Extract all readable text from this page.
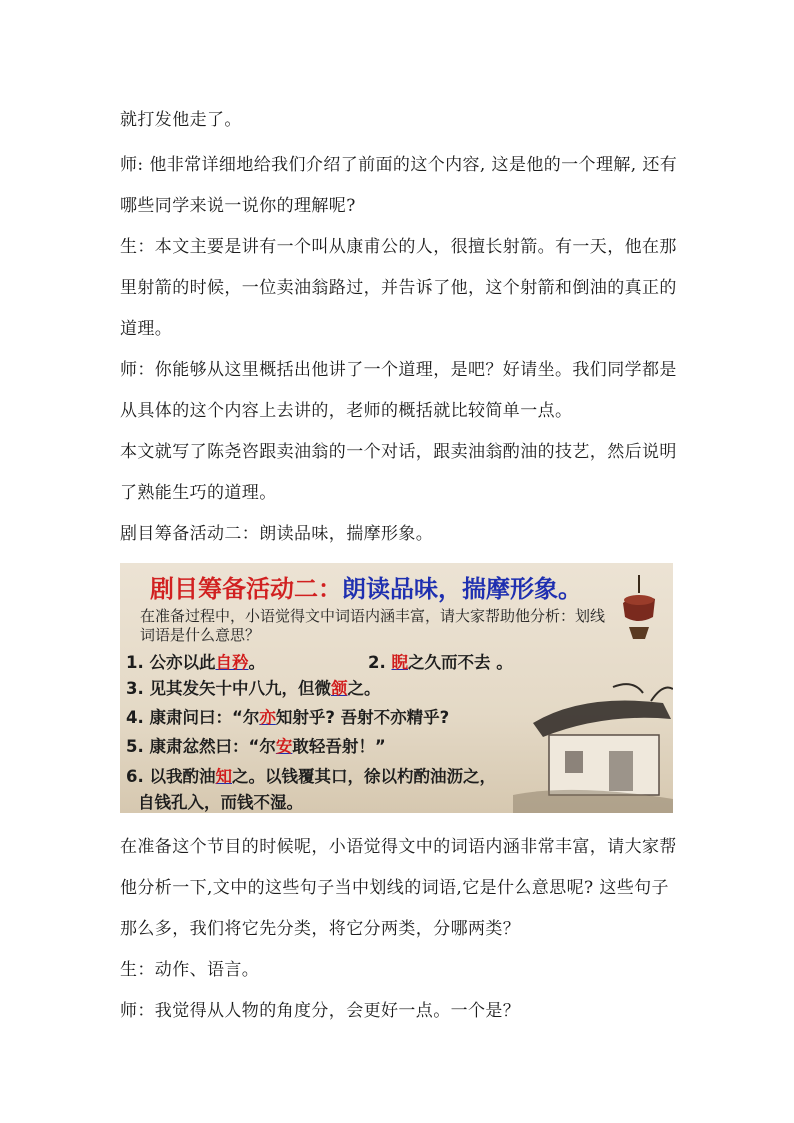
就打发他走了。

师: 他非常详细地给我们介绍了前面的这个内容, 这是他的一个理解, 还有哪些同学来说一说你的理解呢?

生：本文主要是讲有一个叫从康甫公的人，很擅长射箭。有一天，他在那里射箭的时候，一位卖油翁路过，并告诉了他，这个射箭和倒油的真正的道理。

师：你能够从这里概括出他讲了一个道理，是吧？好请坐。我们同学都是从具体的这个内容上去讲的，老师的概括就比较简单一点。

本文就写了陈尧咨跟卖油翁的一个对话，跟卖油翁酌油的技艺，然后说明了熟能生巧的道理。

剧目筹备活动二：朗读品味，揣摩形象。

剧目筹备活动二：朗读品味，揣摩形象。
在准备过程中，小语觉得文中词语内涵丰富，请大家帮助他分析：划线词语是什么意思？
1. 公亦以此自矜。	2. 睨之久而不去 。
3. 见其发矢十中八九，但微颔之。
4. 康肃问曰：“尔亦知射乎? 吾射不亦精乎?
5. 康肃忿然曰：“尔安敢轻吾射！”
6. 以我酌油知之。以钱覆其口，徐以杓酌油沥之，
自钱孔入，而钱不湿。

在准备这个节目的时候呢，小语觉得文中的词语内涵非常丰富，请大家帮他分析一下,文中的这些句子当中划线的词语,它是什么意思呢? 这些句子那么多，我们将它先分类，将它分两类，分哪两类？

生：动作、语言。

师：我觉得从人物的角度分，会更好一点。一个是？
